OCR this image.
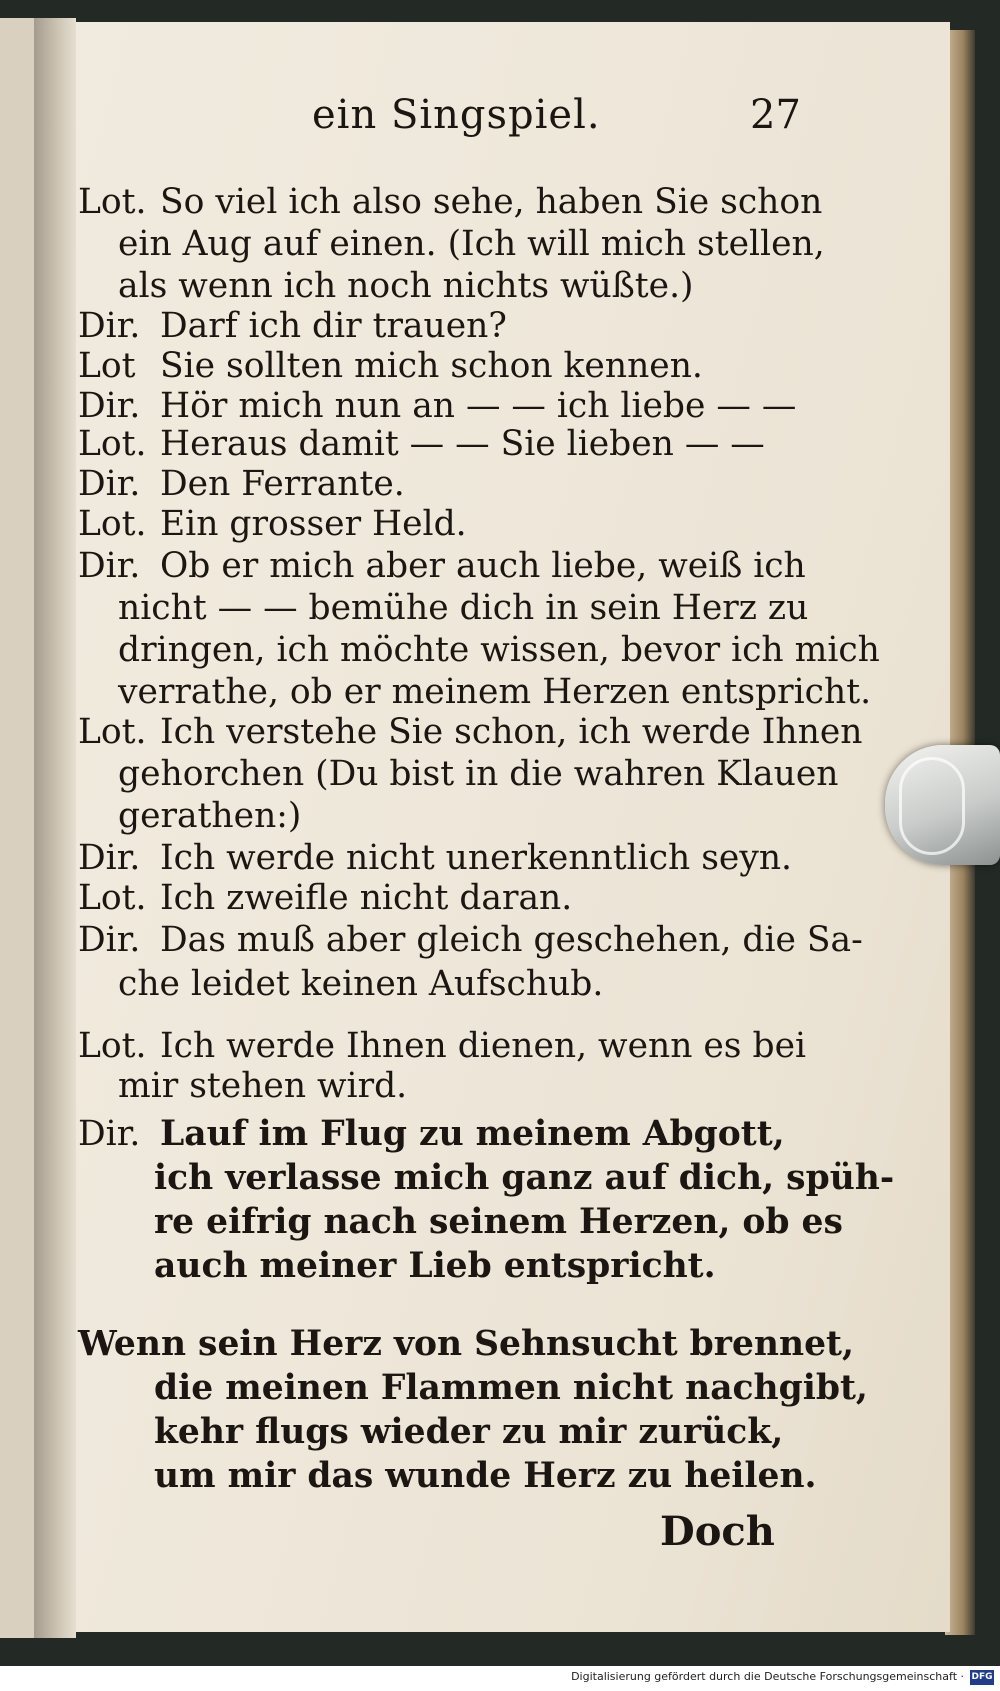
ein Singspiel.	27
Lot. So viel ich also sehe, haben Sie schon
ein Aug auf einen. (Ich will mich stellen,
als wenn ich noch nichts wüßte.)
Dir. Darf ich dir trauen?
Lot Sie sollten mich schon kennen.
Dir. Hör mich nun an — — ich liebe — —
Lot. Heraus damit — — Sie lieben — —
Dir. Den Ferrante.
Lot. Ein grosser Held.
Dir. Ob er mich aber auch liebe, weiß ich
nicht — — bemühe dich in sein Herz zu
dringen, ich möchte wissen, bevor ich mich
verrathe, ob er meinem Herzen entspricht.
Lot. Ich verstehe Sie schon, ich werde Ihnen
gehorchen (Du bist in die wahren Klauen
gerathen:)
Dir. Ich werde nicht unerkenntlich seyn.
Lot. Ich zweifle nicht daran.
Dir. Das muß aber gleich geschehen, die Sa-
che leidet keinen Aufschub.
Lot. Ich werde Ihnen dienen, wenn es bei
mir stehen wird.
Dir. Lauf im Flug zu meinem Abgott,
ich verlasse mich ganz auf dich, spüh-
re eifrig nach seinem Herzen, ob es
auch meiner Lieb entspricht.
Wenn sein Herz von Sehnsucht brennet,
die meinen Flammen nicht nachgibt,
kehr flugs wieder zu mir zurück,
um mir das wunde Herz zu heilen.
Doch
Digitalisierung gefördert durch die Deutsche Forschungsgemeinschaft · DFG
